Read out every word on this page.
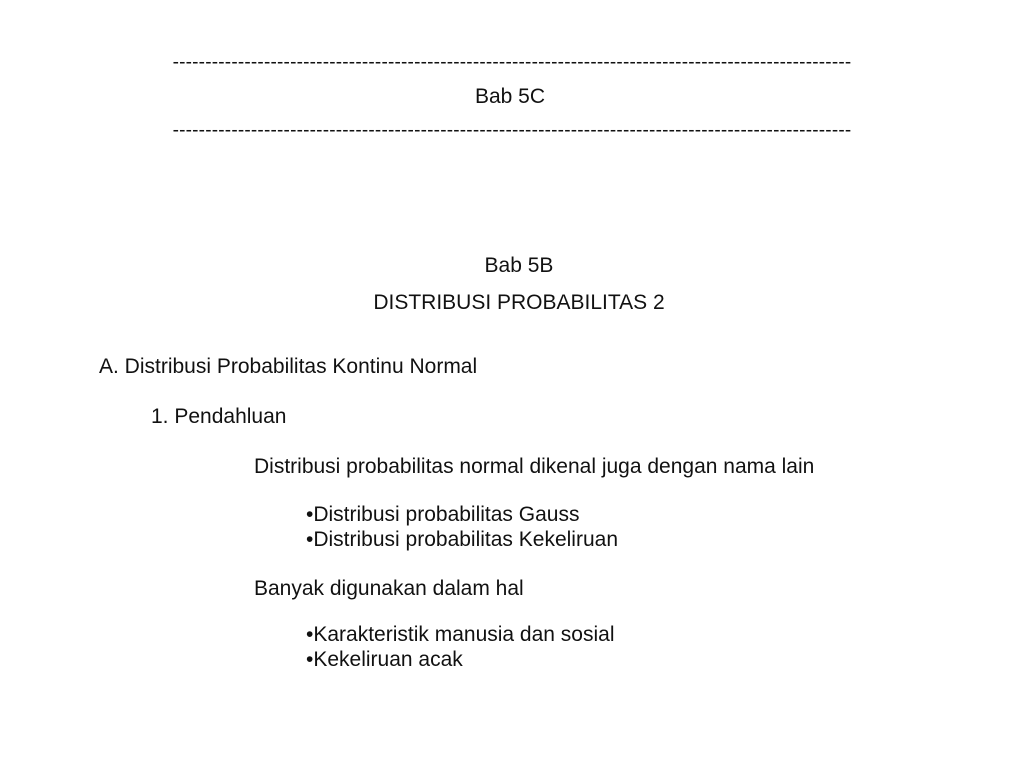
--------------------------------------------------------------------------------------------------------
Bab 5C
--------------------------------------------------------------------------------------------------------
Bab 5B
DISTRIBUSI PROBABILITAS 2
A. Distribusi Probabilitas Kontinu Normal
1. Pendahluan
Distribusi probabilitas normal dikenal juga dengan nama lain
•Distribusi probabilitas Gauss
•Distribusi probabilitas Kekeliruan
Banyak digunakan dalam hal
•Karakteristik manusia dan sosial
•Kekeliruan acak
